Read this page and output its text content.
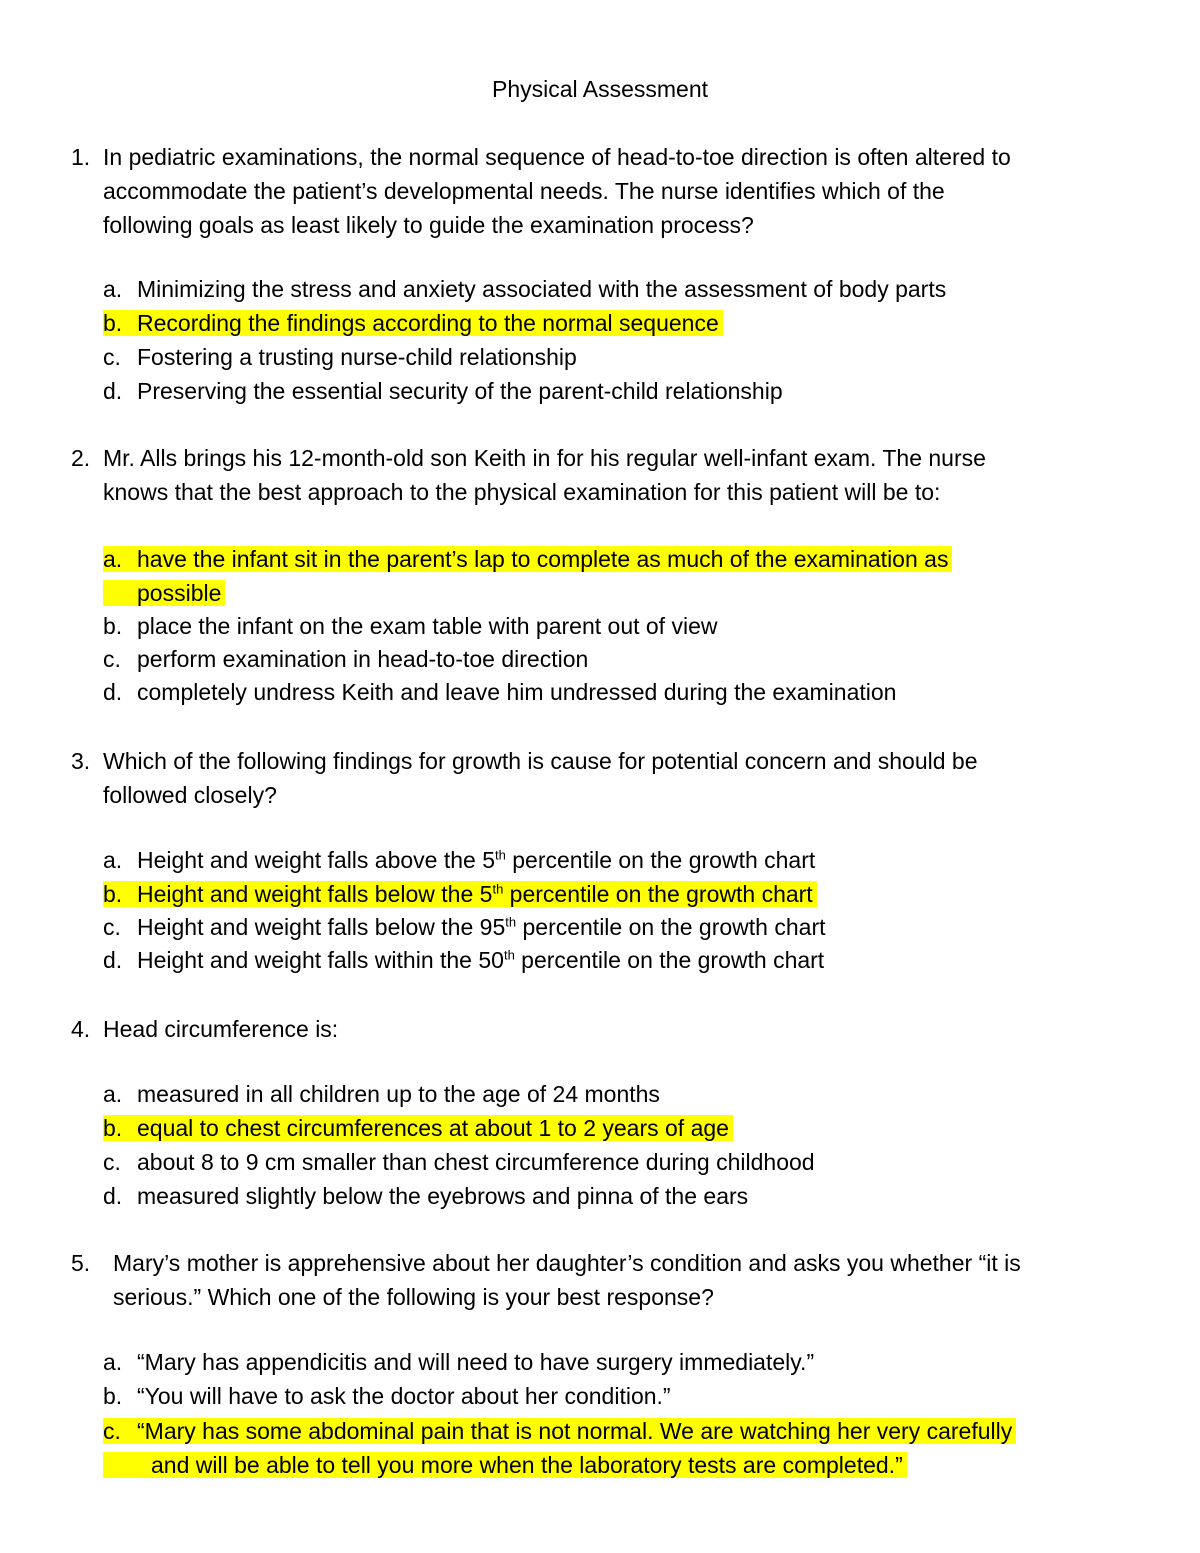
Physical Assessment
1. In pediatric examinations, the normal sequence of head-to-toe direction is often altered to
accommodate the patient’s developmental needs. The nurse identifies which of the
following goals as least likely to guide the examination process?
a. Minimizing the stress and anxiety associated with the assessment of body parts
b. Recording the findings according to the normal sequence
c. Fostering a trusting nurse-child relationship
d. Preserving the essential security of the parent-child relationship
2. Mr. Alls brings his 12-month-old son Keith in for his regular well-infant exam. The nurse
knows that the best approach to the physical examination for this patient will be to:
a. have the infant sit in the parent’s lap to complete as much of the examination as
possible
b. place the infant on the exam table with parent out of view
c. perform examination in head-to-toe direction
d. completely undress Keith and leave him undressed during the examination
3. Which of the following findings for growth is cause for potential concern and should be
followed closely?
a. Height and weight falls above the 5th percentile on the growth chart
b. Height and weight falls below the 5th percentile on the growth chart
c. Height and weight falls below the 95th percentile on the growth chart
d. Height and weight falls within the 50th percentile on the growth chart
4. Head circumference is:
a. measured in all children up to the age of 24 months
b. equal to chest circumferences at about 1 to 2 years of age
c. about 8 to 9 cm smaller than chest circumference during childhood
d. measured slightly below the eyebrows and pinna of the ears
5. Mary’s mother is apprehensive about her daughter’s condition and asks you whether “it is
serious.” Which one of the following is your best response?
a. “Mary has appendicitis and will need to have surgery immediately.”
b. “You will have to ask the doctor about her condition.”
c. “Mary has some abdominal pain that is not normal. We are watching her very carefully
and will be able to tell you more when the laboratory tests are completed.”
